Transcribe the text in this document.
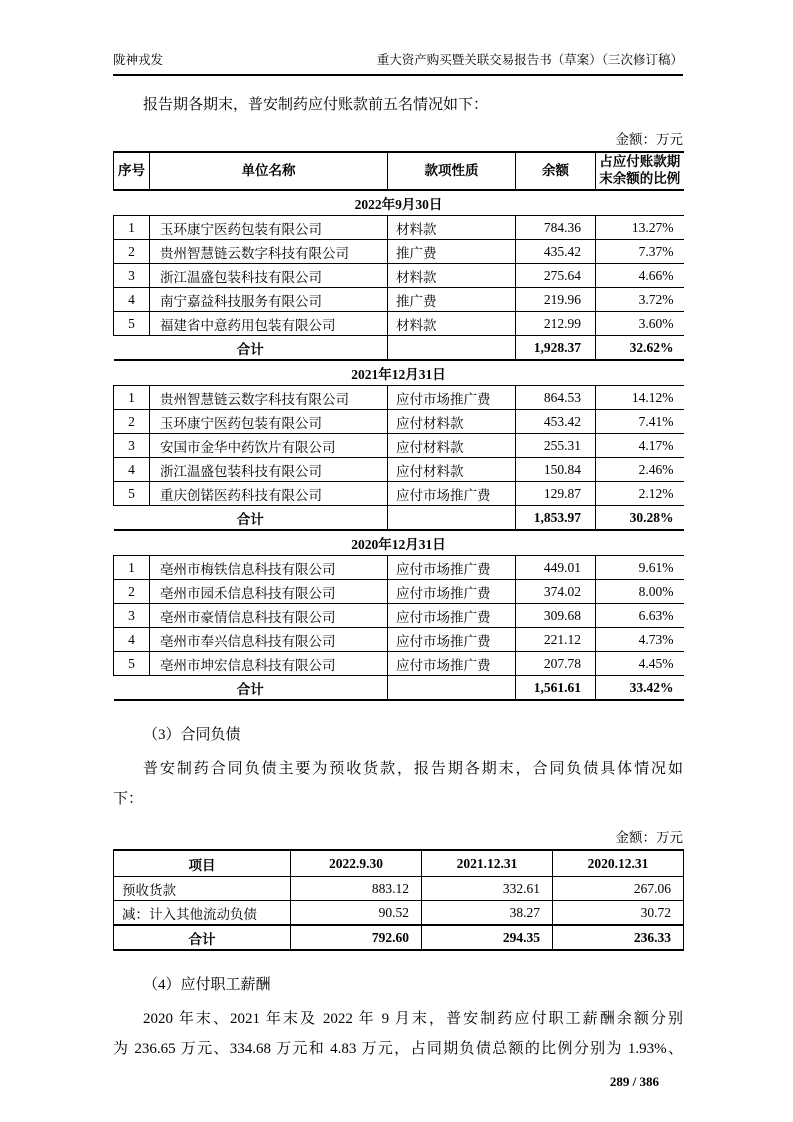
陇神戎发	重大资产购买暨关联交易报告书（草案）（三次修订稿）
报告期各期末，普安制药应付账款前五名情况如下：
金额：万元
序号	单位名称	款项性质	余额	占应付账款期末余额的比例
2022年9月30日				
1	玉环康宁医药包装有限公司	材料款	784.36	13.27%
2	贵州智慧链云数字科技有限公司	推广费	435.42	7.37%
3	浙江温盛包装科技有限公司	材料款	275.64	4.66%
4	南宁嘉益科技服务有限公司	推广费	219.96	3.72%
5	福建省中意药用包装有限公司	材料款	212.99	3.60%
合计			1,928.37	32.62%
2021年12月31日				
1	贵州智慧链云数字科技有限公司	应付市场推广费	864.53	14.12%
2	玉环康宁医药包装有限公司	应付材料款	453.42	7.41%
3	安国市金华中药饮片有限公司	应付材料款	255.31	4.17%
4	浙江温盛包装科技有限公司	应付材料款	150.84	2.46%
5	重庆创锘医药科技有限公司	应付市场推广费	129.87	2.12%
合计			1,853.97	30.28%
2020年12月31日				
1	亳州市梅铁信息科技有限公司	应付市场推广费	449.01	9.61%
2	亳州市园禾信息科技有限公司	应付市场推广费	374.02	8.00%
3	亳州市豪情信息科技有限公司	应付市场推广费	309.68	6.63%
4	亳州市奉兴信息科技有限公司	应付市场推广费	221.12	4.73%
5	亳州市坤宏信息科技有限公司	应付市场推广费	207.78	4.45%
合计			1,561.61	33.42%
（3）合同负债
普安制药合同负债主要为预收货款，报告期各期末，合同负债具体情况如
下：
金额：万元
项目	2022.9.30	2021.12.31	2020.12.31
预收货款	883.12	332.61	267.06
减：计入其他流动负债	90.52	38.27	30.72
合计	792.60	294.35	236.33
（4）应付职工薪酬
2020 年末、2021 年末及 2022 年 9 月末，普安制药应付职工薪酬余额分别
为 236.65 万元、334.68 万元和 4.83 万元，占同期负债总额的比例分别为 1.93%、
289 / 386
